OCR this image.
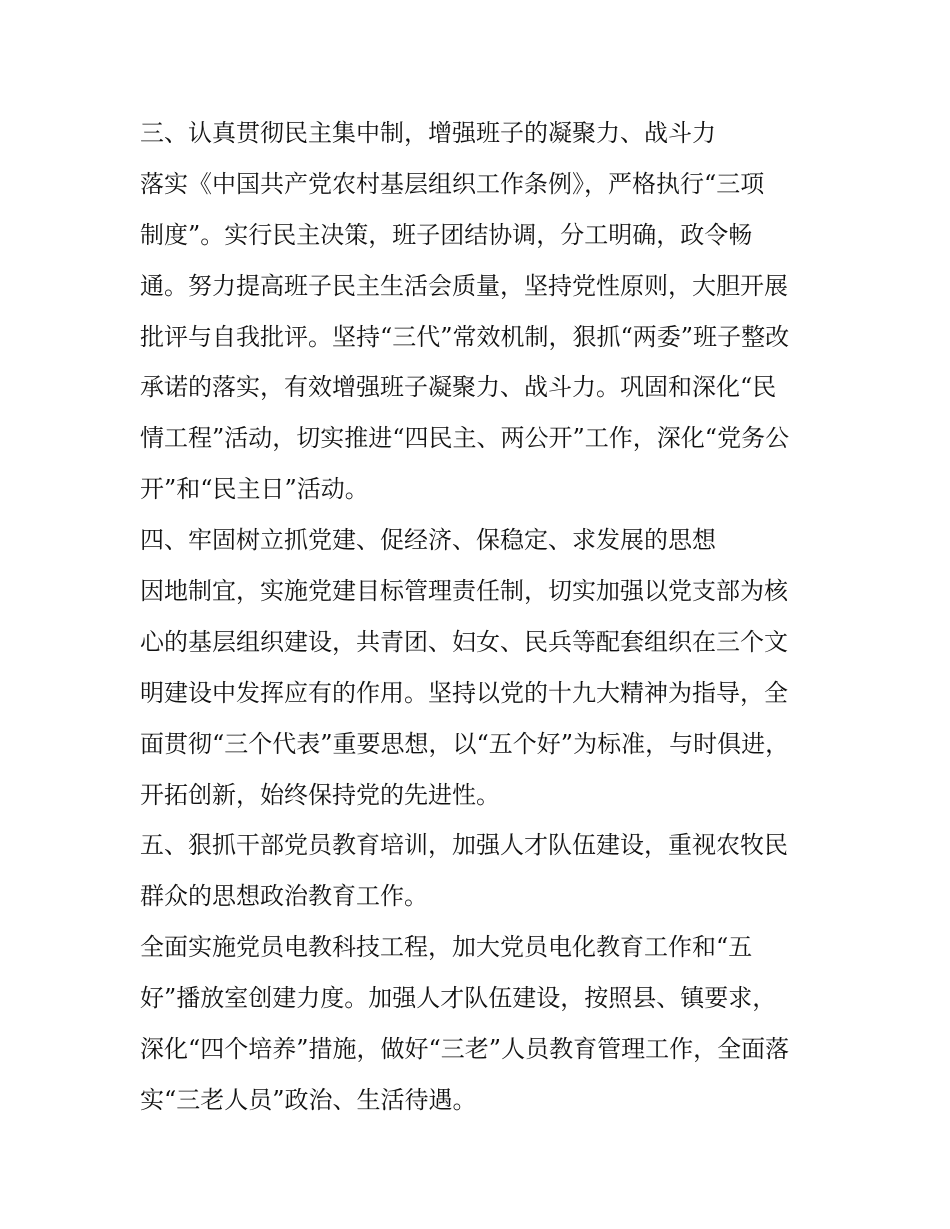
三、认真贯彻民主集中制，增强班子的凝聚力、战斗力
落实《中国共产党农村基层组织工作条例》，严格执行“三项
制度”。实行民主决策，班子团结协调，分工明确，政令畅
通。努力提高班子民主生活会质量，坚持党性原则，大胆开展
批评与自我批评。坚持“三代”常效机制，狠抓“两委”班子整改
承诺的落实，有效增强班子凝聚力、战斗力。巩固和深化“民
情工程”活动，切实推进“四民主、两公开”工作，深化“党务公
开”和“民主日”活动。
四、牢固树立抓党建、促经济、保稳定、求发展的思想
因地制宜，实施党建目标管理责任制，切实加强以党支部为核
心的基层组织建设，共青团、妇女、民兵等配套组织在三个文
明建设中发挥应有的作用。坚持以党的十九大精神为指导，全
面贯彻“三个代表”重要思想，以“五个好”为标准，与时俱进，
开拓创新，始终保持党的先进性。
五、狠抓干部党员教育培训，加强人才队伍建设，重视农牧民
群众的思想政治教育工作。
全面实施党员电教科技工程，加大党员电化教育工作和“五
好”播放室创建力度。加强人才队伍建设，按照县、镇要求，
深化“四个培养”措施，做好“三老”人员教育管理工作，全面落
实“三老人员”政治、生活待遇。
